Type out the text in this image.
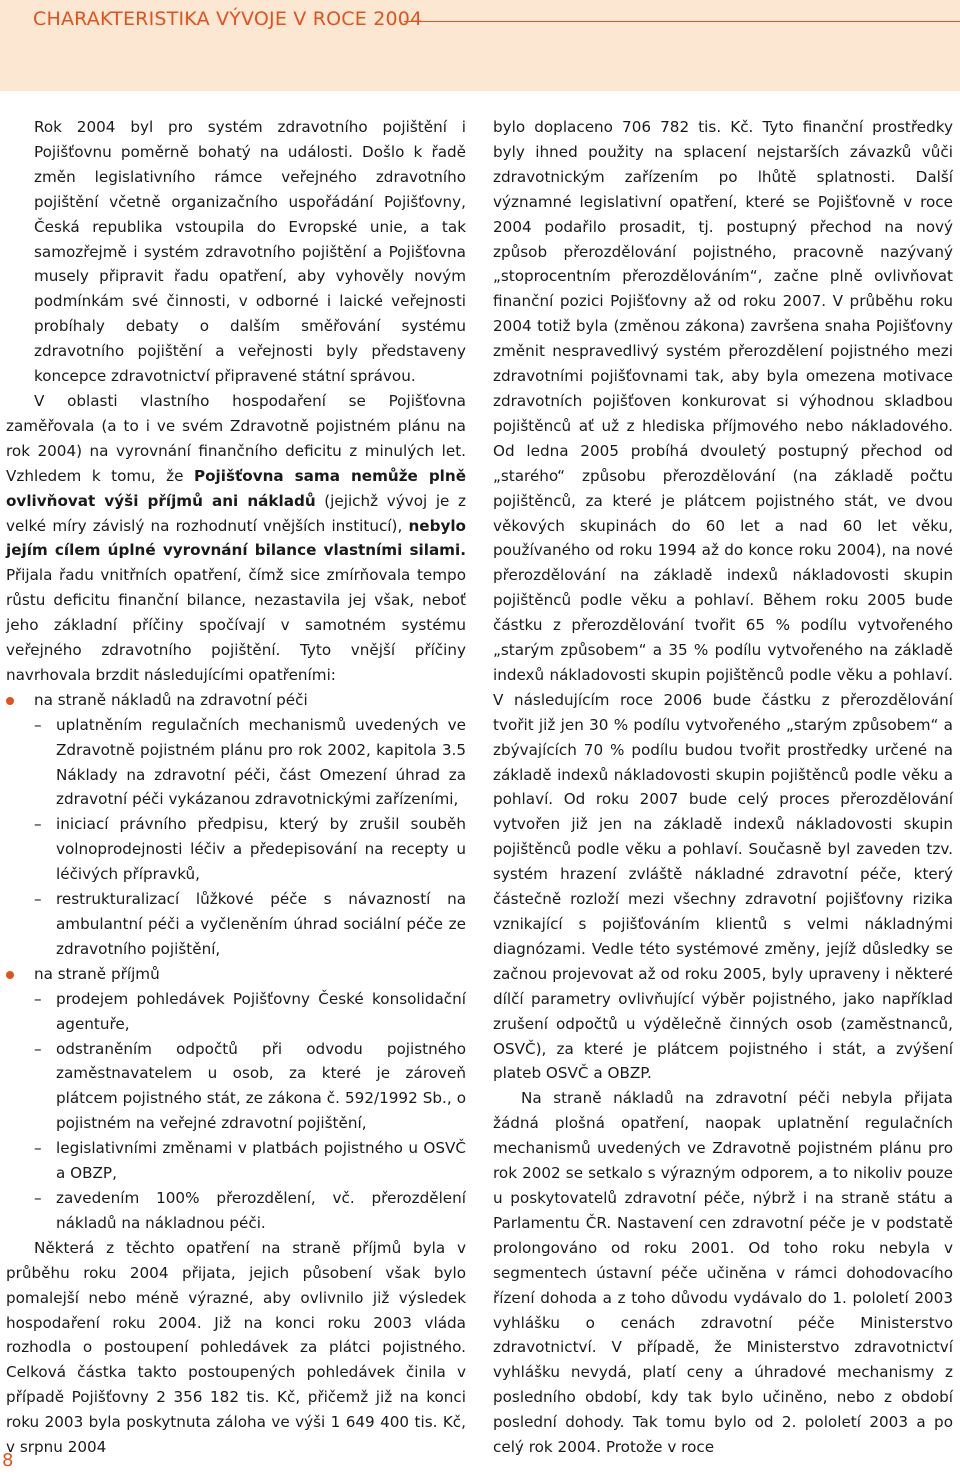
CHARAKTERISTIKA VÝVOJE V ROCE 2004

Rok 2004 byl pro systém zdravotního pojištění i Pojišťovnu poměrně bohatý na události. Došlo k řadě změn legislativního rámce veřejného zdravotního pojištění včetně organizačního uspořádání Pojišťovny, Česká republika vstoupila do Evropské unie, a tak samozřejmě i systém zdravotního pojištění a Pojišťovna musely připravit řadu opatření, aby vyhověly novým podmínkám své činnosti, v odborné i laické veřejnosti probíhaly debaty o dalším směřování systému zdravotního pojištění a veřejnosti byly představeny koncepce zdravotnictví připravené státní správou.

V oblasti vlastního hospodaření se Pojišťovna zaměřovala (a to i ve svém Zdravotně pojistném plánu na rok 2004) na vyrovnání finančního deficitu z minulých let. Vzhledem k tomu, že Pojišťovna sama nemůže plně ovlivňovat výši příjmů ani nákladů (jejichž vývoj je z velké míry závislý na rozhodnutí vnějších institucí), nebylo jejím cílem úplné vyrovnání bilance vlastními silami. Přijala řadu vnitřních opatření, čímž sice zmírňovala tempo růstu deficitu finanční bilance, nezastavila jej však, neboť jeho základní příčiny spočívají v samotném systému veřejného zdravotního pojištění. Tyto vnější příčiny navrhovala brzdit následujícími opatřeními:

na straně nákladů na zdravotní péči
– uplatněním regulačních mechanismů uvedených ve Zdravotně pojistném plánu pro rok 2002, kapitola 3.5 Náklady na zdravotní péči, část Omezení úhrad za zdravotní péči vykázanou zdravotnickými zařízeními,
– iniciací právního předpisu, který by zrušil souběh volnoprodejnosti léčiv a předepisování na recepty u léčivých přípravků,
– restrukturalizací lůžkové péče s návazností na ambulantní péči a vyčleněním úhrad sociální péče ze zdravotního pojištění,
na straně příjmů
– prodejem pohledávek Pojišťovny České konsolidační agentuře,
– odstraněním odpočtů při odvodu pojistného zaměstnavatelem u osob, za které je zároveň plátcem pojistného stát, ze zákona č. 592/1992 Sb., o pojistném na veřejné zdravotní pojištění,
– legislativními změnami v platbách pojistného u OSVČ a OBZP,
– zavedením 100% přerozdělení, vč. přerozdělení nákladů na nákladnou péči.

Některá z těchto opatření na straně příjmů byla v průběhu roku 2004 přijata, jejich působení však bylo pomalejší nebo méně výrazné, aby ovlivnilo již výsledek hospodaření roku 2004. Již na konci roku 2003 vláda rozhodla o postoupení pohledávek za plátci pojistného. Celková částka takto postoupených pohledávek činila v případě Pojišťovny 2 356 182 tis. Kč, přičemž již na konci roku 2003 byla poskytnuta záloha ve výši 1 649 400 tis. Kč, v srpnu 2004

bylo doplaceno 706 782 tis. Kč. Tyto finanční prostředky byly ihned použity na splacení nejstarších závazků vůči zdravotnickým zařízením po lhůtě splatnosti. Další významné legislativní opatření, které se Pojišťovně v roce 2004 podařilo prosadit, tj. postupný přechod na nový způsob přerozdělování pojistného, pracovně nazývaný „stoprocentním přerozdělováním“, začne plně ovlivňovat finanční pozici Pojišťovny až od roku 2007. V průběhu roku 2004 totiž byla (změnou zákona) završena snaha Pojišťovny změnit nespravedlivý systém přerozdělení pojistného mezi zdravotními pojišťovnami tak, aby byla omezena motivace zdravotních pojišťoven konkurovat si výhodnou skladbou pojištěnců ať už z hlediska příjmového nebo nákladového. Od ledna 2005 probíhá dvouletý postupný přechod od „starého“ způsobu přerozdělování (na základě počtu pojištěnců, za které je plátcem pojistného stát, ve dvou věkových skupinách do 60 let a nad 60 let věku, používaného od roku 1994 až do konce roku 2004), na nové přerozdělování na základě indexů nákladovosti skupin pojištěnců podle věku a pohlaví. Během roku 2005 bude částku z přerozdělování tvořit 65 % podílu vytvořeného „starým způsobem“ a 35 % podílu vytvořeného na základě indexů nákladovosti skupin pojištěnců podle věku a pohlaví. V následujícím roce 2006 bude částku z přerozdělování tvořit již jen 30 % podílu vytvořeného „starým způsobem“ a zbývajících 70 % podílu budou tvořit prostředky určené na základě indexů nákladovosti skupin pojištěnců podle věku a pohlaví. Od roku 2007 bude celý proces přerozdělování vytvořen již jen na základě indexů nákladovosti skupin pojištěnců podle věku a pohlaví. Současně byl zaveden tzv. systém hrazení zvláště nákladné zdravotní péče, který částečně rozloží mezi všechny zdravotní pojišťovny rizika vznikající s pojišťováním klientů s velmi nákladnými diagnózami. Vedle této systémové změny, jejíž důsledky se začnou projevovat až od roku 2005, byly upraveny i některé dílčí parametry ovlivňující výběr pojistného, jako například zrušení odpočtů u výdělečně činných osob (zaměstnanců, OSVČ), za které je plátcem pojistného i stát, a zvýšení plateb OSVČ a OBZP.

Na straně nákladů na zdravotní péči nebyla přijata žádná plošná opatření, naopak uplatnění regulačních mechanismů uvedených ve Zdravotně pojistném plánu pro rok 2002 se setkalo s výrazným odporem, a to nikoliv pouze u poskytovatelů zdravotní péče, nýbrž i na straně státu a Parlamentu ČR. Nastavení cen zdravotní péče je v podstatě prolongováno od roku 2001. Od toho roku nebyla v segmentech ústavní péče učiněna v rámci dohodovacího řízení dohoda a z toho důvodu vydávalo do 1. pololetí 2003 vyhlášku o cenách zdravotní péče Ministerstvo zdravotnictví. V případě, že Ministerstvo zdravotnictví vyhlášku nevydá, platí ceny a úhradové mechanismy z posledního období, kdy tak bylo učiněno, nebo z období poslední dohody. Tak tomu bylo od 2. pololetí 2003 a po celý rok 2004. Protože v roce

8
